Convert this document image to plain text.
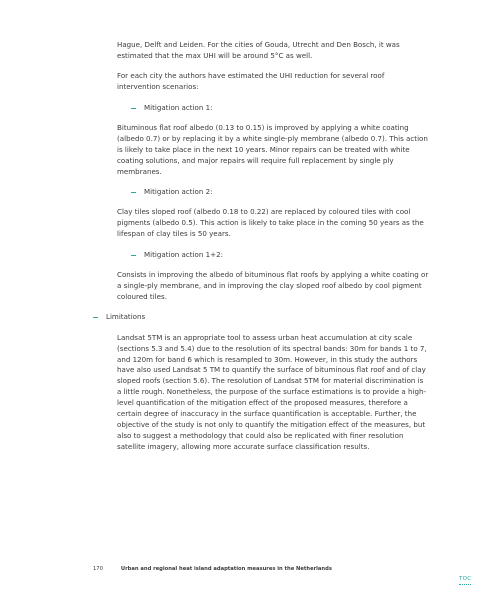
Hague, Delft and Leiden. For the cities of Gouda, Utrecht and Den Bosch, it was estimated that the max UHI will be around 5°C as well.

For each city the authors have estimated the UHI reduction for several roof intervention scenarios:

Mitigation action 1:

Bituminous flat roof albedo (0.13 to 0.15) is improved by applying a white coating (albedo 0.7) or by replacing it by a white single-ply membrane (albedo 0.7). This action is likely to take place in the next 10 years. Minor repairs can be treated with white coating solutions, and major repairs will require full replacement by single ply membranes.

Mitigation action 2:

Clay tiles sloped roof (albedo 0.18 to 0.22) are replaced by coloured tiles with cool pigments (albedo 0.5). This action is likely to take place in the coming 50 years as the lifespan of clay tiles is 50 years.

Mitigation action 1+2:

Consists in improving the albedo of bituminous flat roofs by applying a white coating or a single-ply membrane, and in improving the clay sloped roof albedo by cool pigment coloured tiles.

Limitations

Landsat 5TM is an appropriate tool to assess urban heat accumulation at city scale (sections 5.3 and 5.4) due to the resolution of its spectral bands: 30m for bands 1 to 7, and 120m for band 6 which is resampled to 30m. However, in this study the authors have also used Landsat 5 TM to quantify the surface of bituminous flat roof and of clay sloped roofs (section 5.6). The resolution of Landsat 5TM for material discrimination is a little rough. Nonetheless, the purpose of the surface estimations is to provide a high-level quantification of the mitigation effect of the proposed measures, therefore a certain degree of inaccuracy in the surface quantification is acceptable. Further, the objective of the study is not only to quantify the mitigation effect of the measures, but also to suggest a methodology that could also be replicated with finer resolution satellite imagery, allowing more accurate surface classification results.

170	Urban and regional heat island adaptation measures in the Netherlands
TOC
